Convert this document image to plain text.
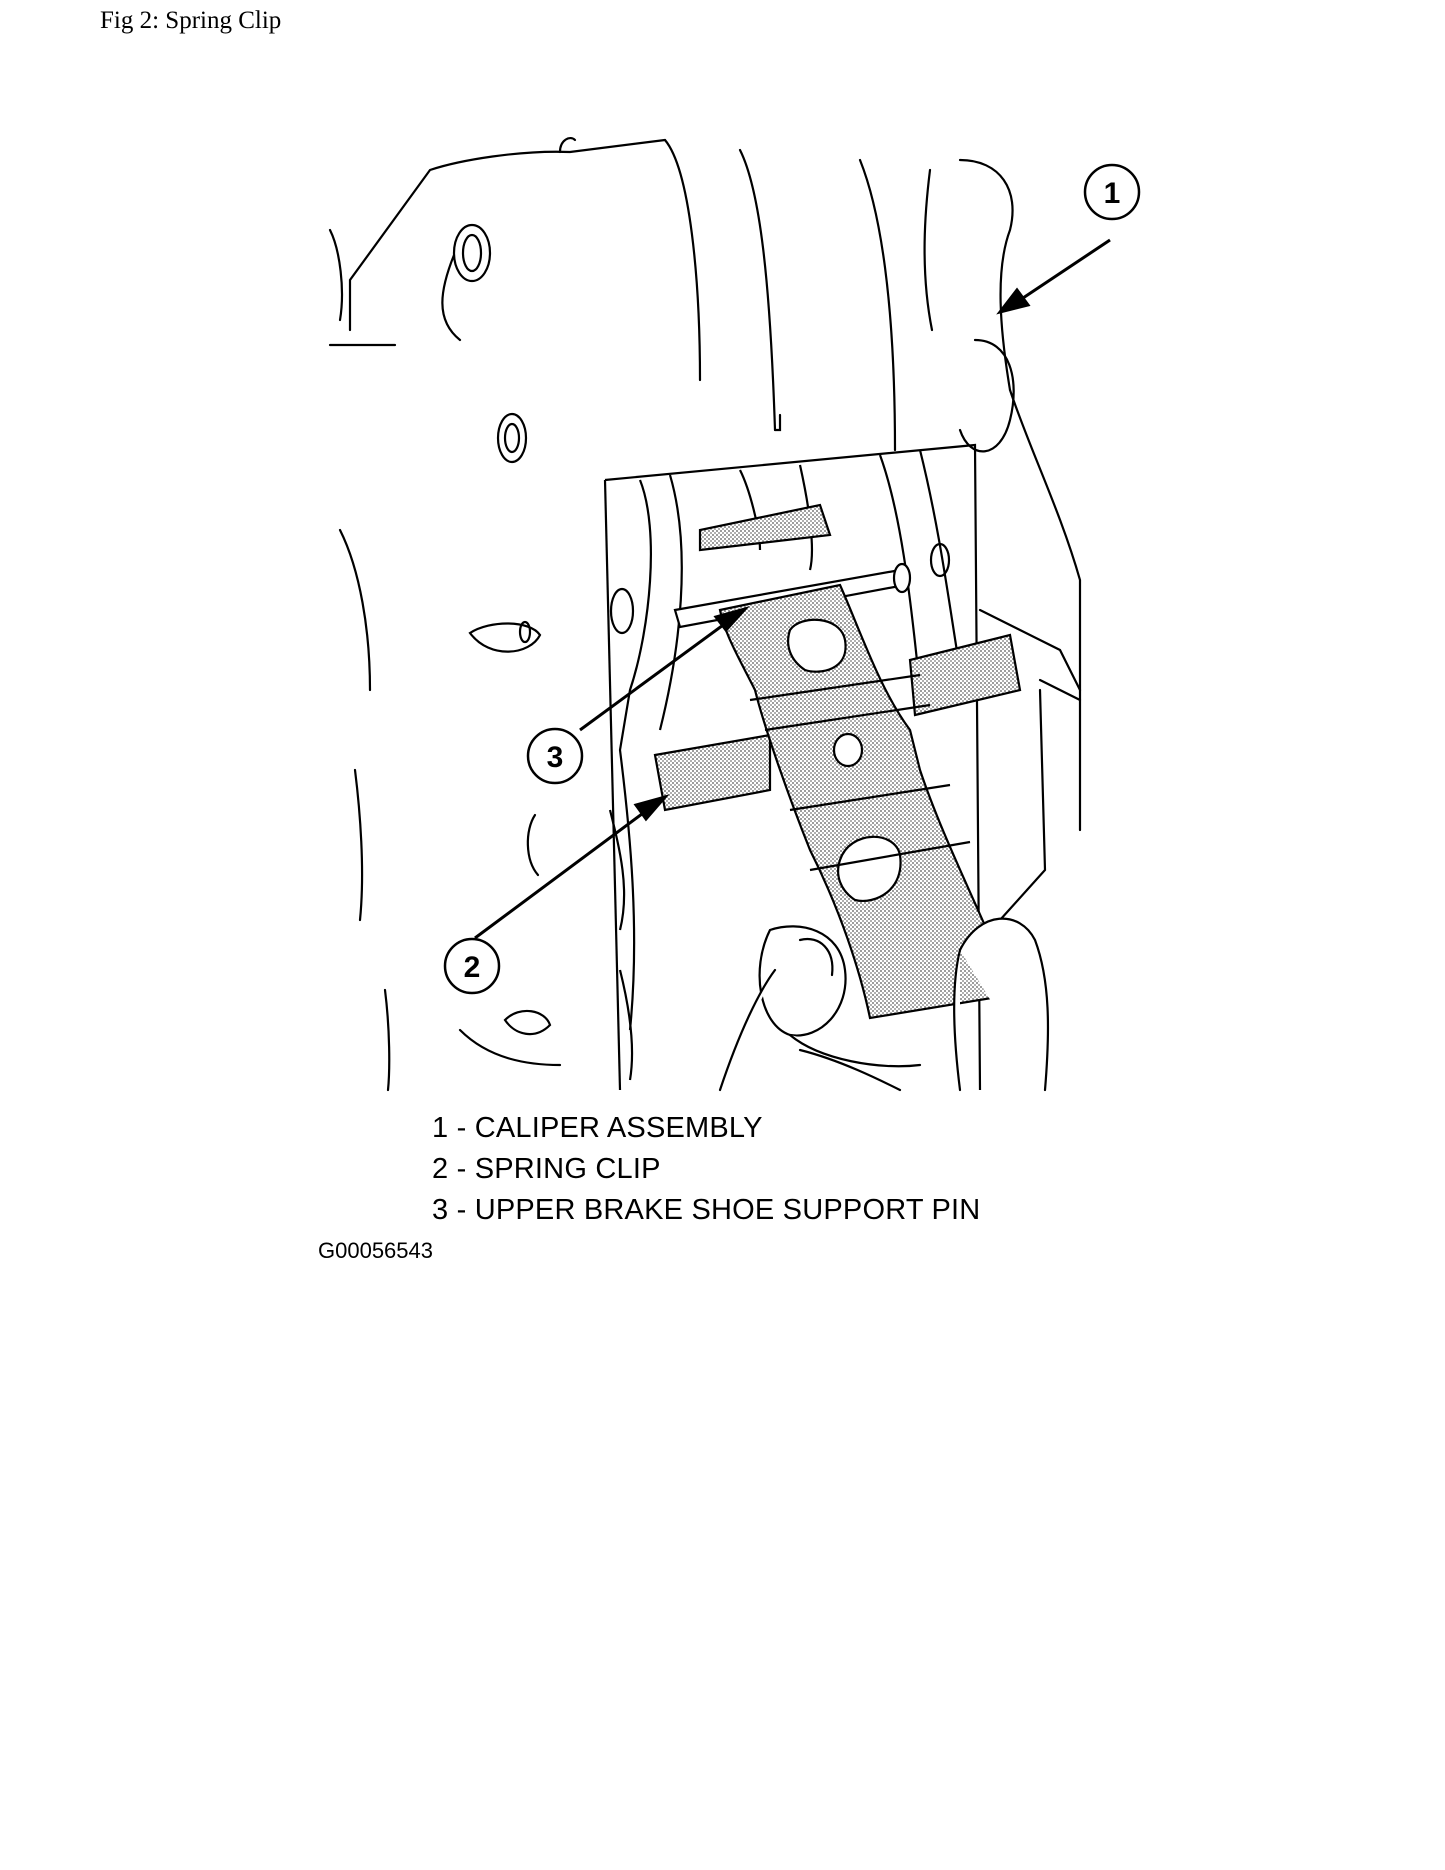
Fig 2: Spring Clip
1
2
3
1 - CALIPER ASSEMBLY
2 - SPRING CLIP
3 - UPPER BRAKE SHOE SUPPORT PIN
G00056543
